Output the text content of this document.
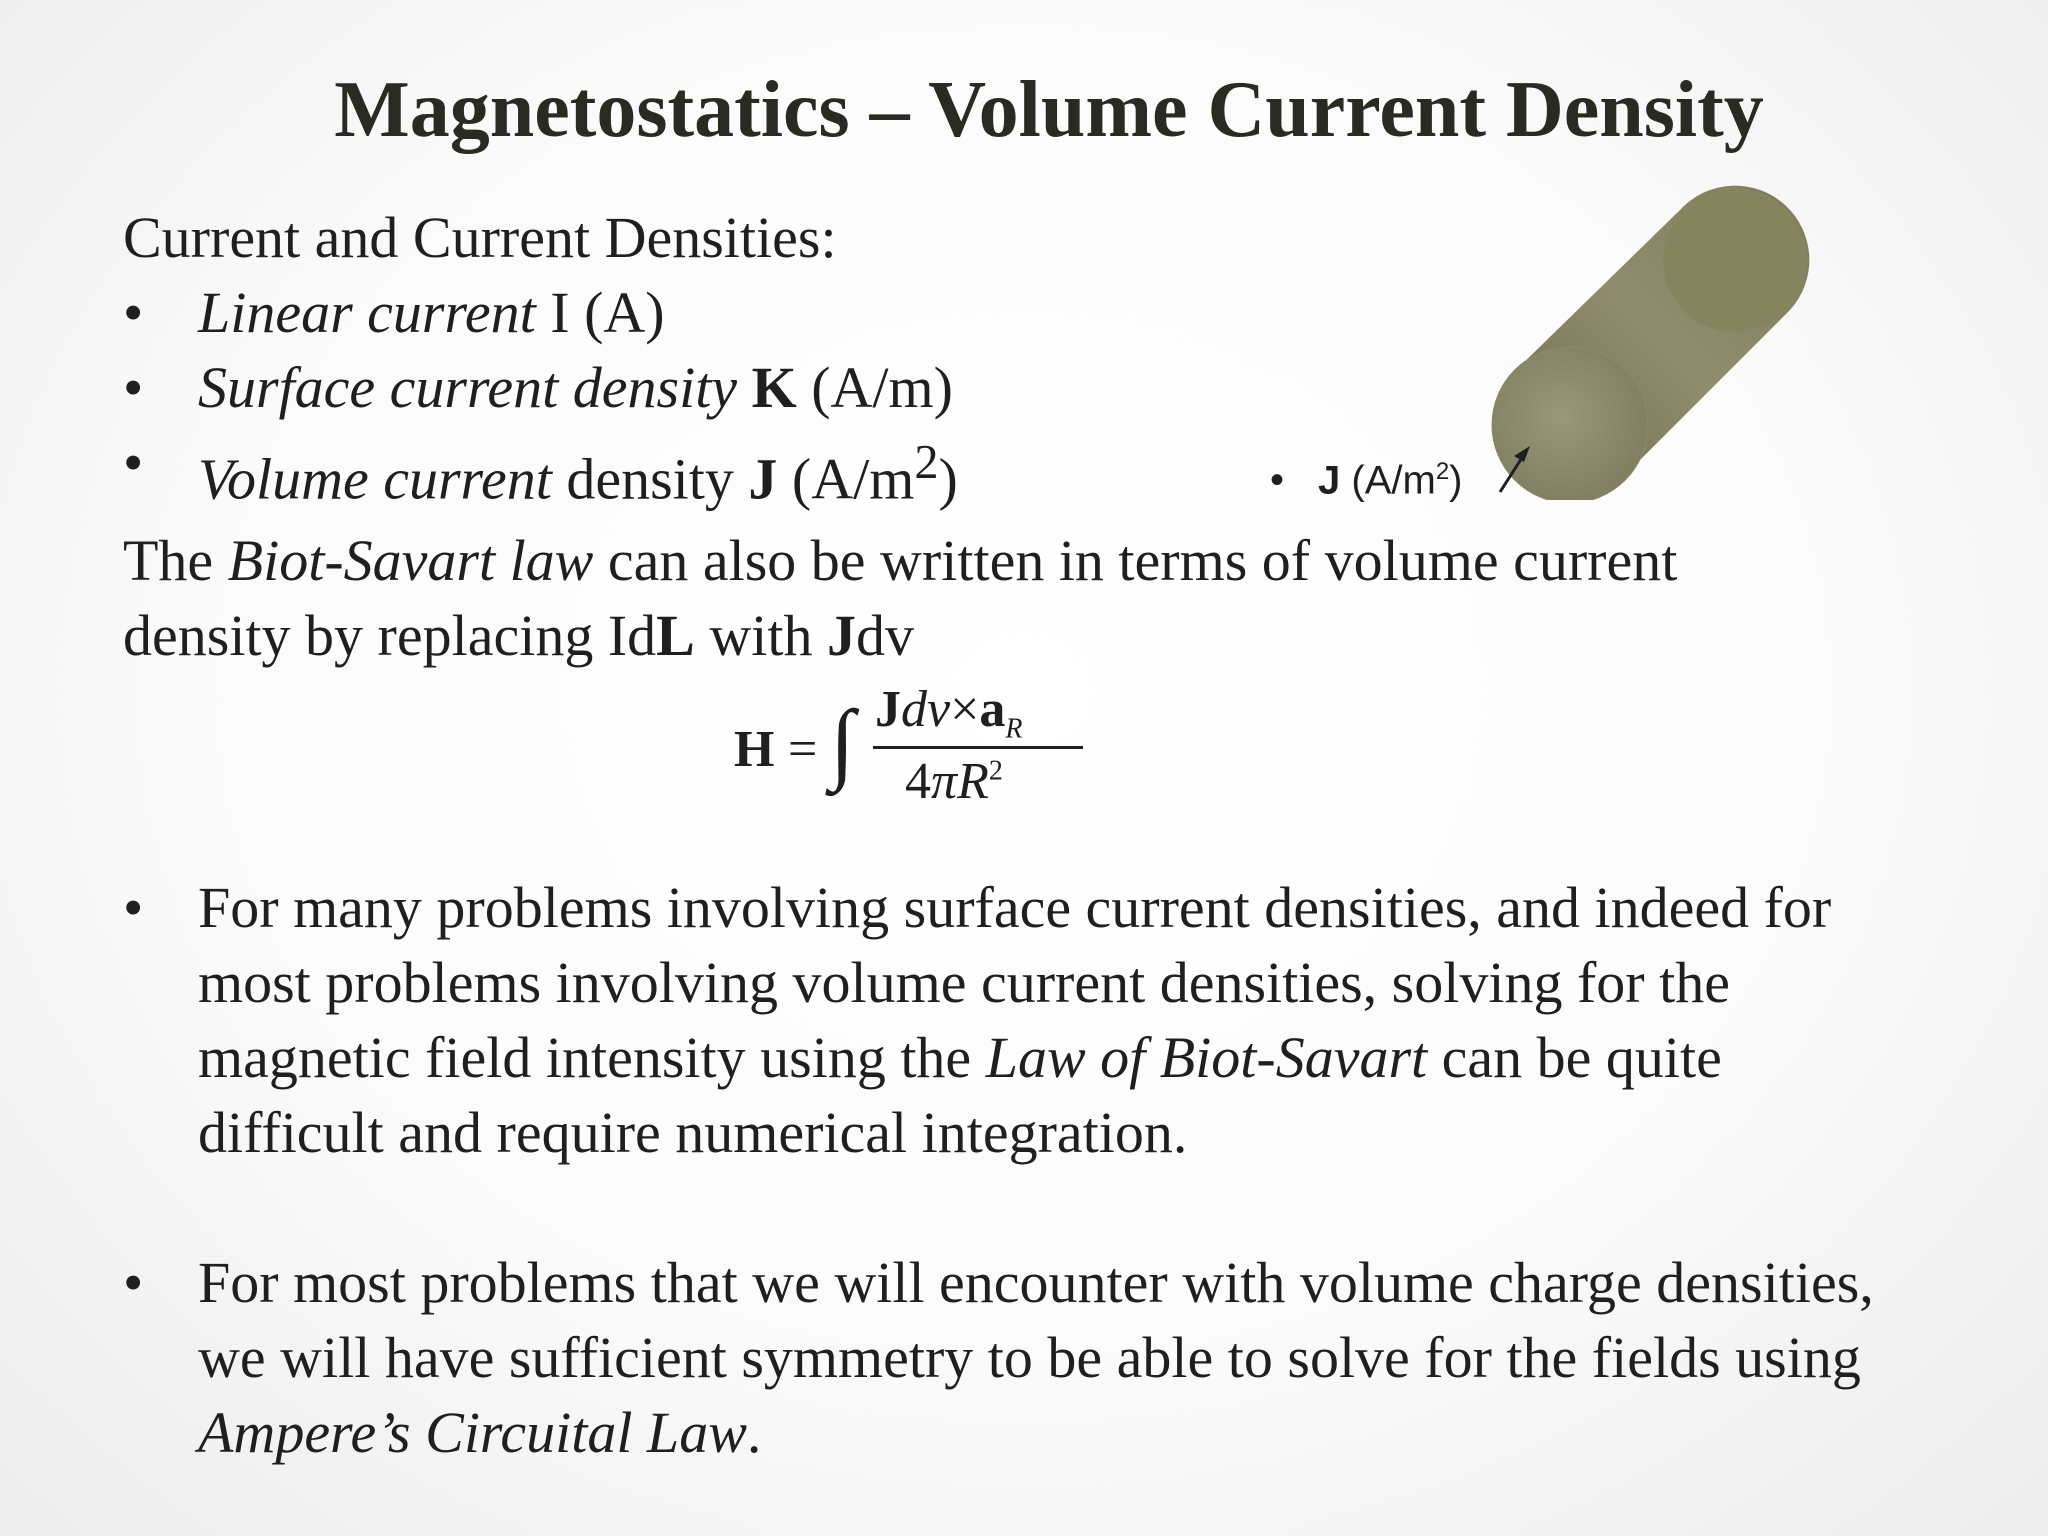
Magnetostatics – Volume Current Density
Current and Current Densities:
• Linear current I (A)
• Surface current density K (A/m)
• Volume current density J $(A/m^2)$
The Biot-Savart law can also be written in terms of volume current density by replacing IdL with Jdv
H = ∫ $Jdv\times a_R$
$4\pi R^2$
• For many problems involving surface current densities, and indeed for most problems involving volume current densities, solving for the magnetic field intensity using the Law of Biot-Savart can be quite difficult and require numerical integration.
• For most problems that we will encounter with volume charge densities, we will have sufficient symmetry to be able to solve for the fields using Ampere’s Circuital Law.
• J $(A/m^2)$
